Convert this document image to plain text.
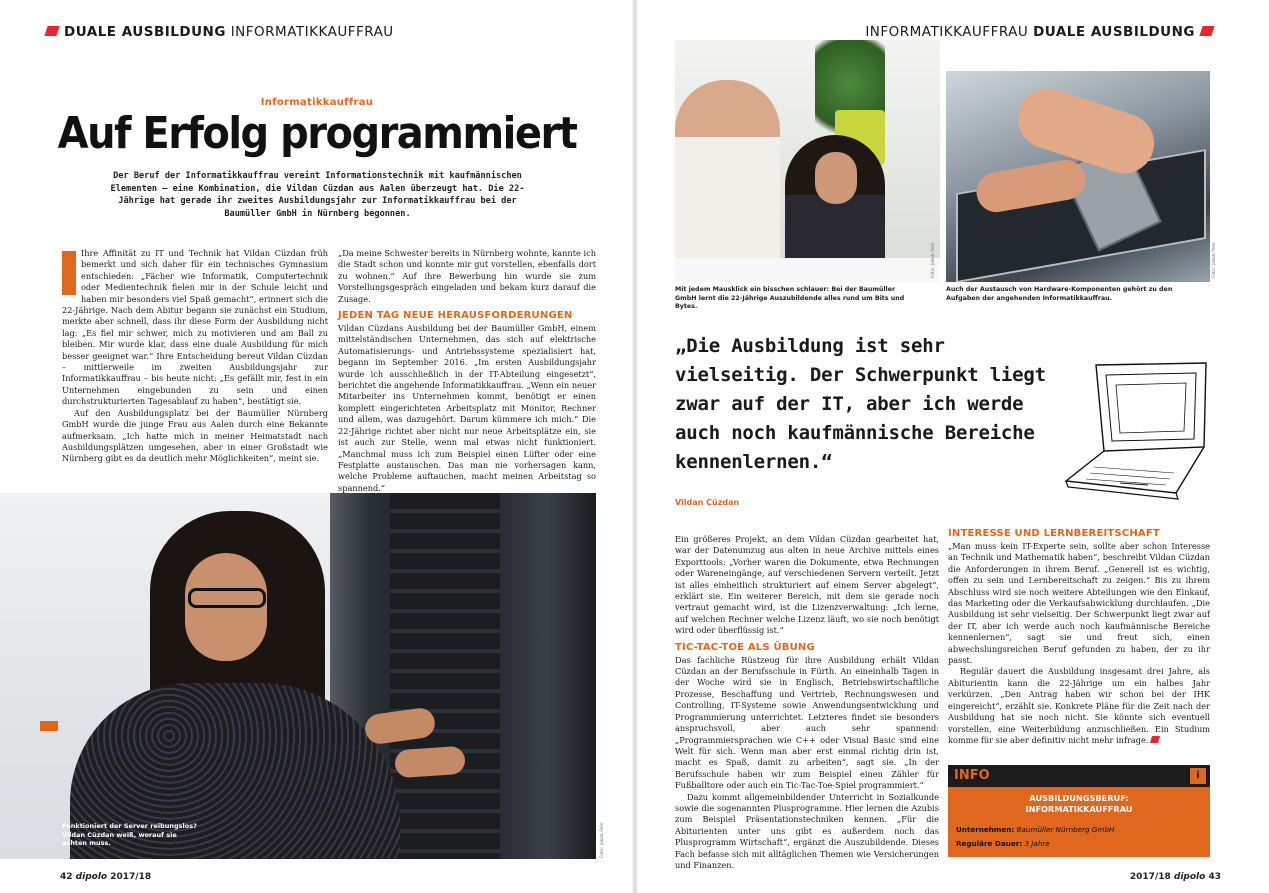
DUALE AUSBILDUNG INFORMATIKKAUFFRAU
Informatikkauffrau
Auf Erfolg programmiert
Der Beruf der Informatikkauffrau vereint Informationstechnik mit kaufmännischen Elementen – eine Kombination, die Vildan Cüzdan aus Aalen überzeugt hat. Die 22-Jährige hat gerade ihr zweites Ausbildungsjahr zur Informatikkauffrau bei der Baumüller GmbH in Nürnberg begonnen.

Ihre Affinität zu IT und Technik hat Vildan Cüzdan früh bemerkt und sich daher für ein technisches Gymnasium entschieden: „Fächer wie Informatik, Computertechnik oder Medientechnik fielen mir in der Schule leicht und haben mir besonders viel Spaß gemacht“, erinnert sich die 22-Jährige. Nach dem Abitur begann sie zunächst ein Studium, merkte aber schnell, dass ihr diese Form der Ausbildung nicht lag: „Es fiel mir schwer, mich zu motivieren und am Ball zu bleiben. Mir wurde klar, dass eine duale Ausbildung für mich besser geeignet war.“ Ihre Entscheidung bereut Vildan Cüzdan – mittlerweile im zweiten Ausbildungsjahr zur Informatikkauffrau – bis heute nicht: „Es gefällt mir, fest in ein Unternehmen eingebunden zu sein und einen durchstrukturierten Tagesablauf zu haben“, bestätigt sie.

Auf den Ausbildungsplatz bei der Baumüller Nürnberg GmbH wurde die junge Frau aus Aalen durch eine Bekannte aufmerksam. „Ich hatte mich in meiner Heimatstadt nach Ausbildungsplätzen umgesehen, aber in einer Großstadt wie Nürnberg gibt es da deutlich mehr Möglichkeiten“, meint sie.

„Da meine Schwester bereits in Nürnberg wohnte, kannte ich die Stadt schon und konnte mir gut vorstellen, ebenfalls dort zu wohnen.“ Auf ihre Bewerbung hin wurde sie zum Vorstellungsgespräch eingeladen und bekam kurz darauf die Zusage.

JEDEN TAG NEUE HERAUSFORDERUNGEN

Vildan Cüzdans Ausbildung bei der Baumüller GmbH, einem mittelständischen Unternehmen, das sich auf elektrische Automatisierungs- und Antriebssysteme spezialisiert hat, begann im September 2016. „Im ersten Ausbildungsjahr wurde ich ausschließlich in der IT-Abteilung eingesetzt“, berichtet die angehende Informatikkauffrau. „Wenn ein neuer Mitarbeiter ins Unternehmen kommt, benötigt er einen komplett eingerichteten Arbeitsplatz mit Monitor, Rechner und allem, was dazugehört. Darum kümmere ich mich.“ Die 22-Jährige richtet aber nicht nur neue Arbeitsplätze ein, sie ist auch zur Stelle, wenn mal etwas nicht funktioniert. „Manchmal muss ich zum Beispiel einen Lüfter oder eine Festplatte austauschen. Das man nie vorhersagen kann, welche Probleme auftauchen, macht meinen Arbeitstag so spannend.“

Funktioniert der Server reibungslos? Vildan Cüzdan weiß, worauf sie achten muss.	Foto: Jakob Pein
42 dipolo 2017/18
INFORMATIKKAUFFRAU DUALE AUSBILDUNG
Foto: Jakob Pein
Mit jedem Mausklick ein bisschen schlauer: Bei der Baumüller GmbH lernt die 22-Jährige Auszubildende alles rund um Bits und Bytes.
Foto: Jakob Pein
Auch der Austausch von Hardware-Komponenten gehört zu den Aufgaben der angehenden Informatikkauffrau.
„Die Ausbildung ist sehr vielseitig. Der Schwerpunkt liegt zwar auf der IT, aber ich werde auch noch kaufmännische Bereiche kennenlernen.“
Vildan Cüzdan

Ein größeres Projekt, an dem Vildan Cüzdan gearbeitet hat, war der Datenumzug aus alten in neue Archive mittels eines Exporttools: „Vorher waren die Dokumente, etwa Rechnungen oder Wareneingänge, auf verschiedenen Servern verteilt. Jetzt ist alles einheitlich strukturiert auf einem Server abgelegt“, erklärt sie. Ein weiterer Bereich, mit dem sie gerade noch vertraut gemacht wird, ist die Lizenzverwaltung: „Ich lerne, auf welchen Rechner welche Lizenz läuft, wo sie noch benötigt wird oder überflüssig ist.“

TIC-TAC-TOE ALS ÜBUNG

Das fachliche Rüstzeug für ihre Ausbildung erhält Vildan Cüzdan an der Berufsschule in Fürth. An eineinhalb Tagen in der Woche wird sie in Englisch, Betriebswirtschaftliche Prozesse, Beschaffung und Vertrieb, Rechnungswesen und Controlling, IT-Systeme sowie Anwendungsentwicklung und Programmierung unterrichtet. Letzteres findet sie besonders anspruchsvoll, aber auch sehr spannend: „Programmiersprachen wie C++ oder Visual Basic sind eine Welt für sich. Wenn man aber erst einmal richtig drin ist, macht es Spaß, damit zu arbeiten“, sagt sie. „In der Berufsschule haben wir zum Beispiel einen Zähler für Fußballtore oder auch ein Tic-Tac-Toe-Spiel programmiert.“

Dazu kommt allgemeinbildender Unterricht in Sozialkunde sowie die sogenannten Plusprogramme. Hier lernen die Azubis zum Beispiel Präsentationstechniken kennen. „Für die Abiturienten unter uns gibt es außerdem noch das Plusprogramm Wirtschaft“, ergänzt die Auszubildende. Dieses Fach befasse sich mit alltäglichen Themen wie Versicherungen und Finanzen.

INTERESSE UND LERNBEREITSCHAFT

„Man muss kein IT-Experte sein, sollte aber schon Interesse an Technik und Mathematik haben“, beschreibt Vildan Cüzdan die Anforderungen in ihrem Beruf. „Generell ist es wichtig, offen zu sein und Lernbereitschaft zu zeigen.“ Bis zu ihrem Abschluss wird sie noch weitere Abteilungen wie den Einkauf, das Marketing oder die Verkaufsabwicklung durchlaufen. „Die Ausbildung ist sehr vielseitig. Der Schwerpunkt liegt zwar auf der IT, aber ich werde auch noch kaufmännische Bereiche kennenlernen“, sagt sie und freut sich, einen abwechslungsreichen Beruf gefunden zu haben, der zu ihr passt.

Regulär dauert die Ausbildung insgesamt drei Jahre, als Abiturientin kann die 22-Jährige um ein halbes Jahr verkürzen. „Den Antrag haben wir schon bei der IHK eingereicht“, erzählt sie. Konkrete Pläne für die Zeit nach der Ausbildung hat sie noch nicht. Sie könnte sich eventuell vorstellen, eine Weiterbildung anzuschließen. Ein Studium komme für sie aber definitiv nicht mehr infrage.

INFO	i
AUSBILDUNGSBERUF:
INFORMATIKKAUFFRAU
Unternehmen: Baumüller Nürnberg GmbH
Reguläre Dauer: 3 Jahre
2017/18 dipolo 43
